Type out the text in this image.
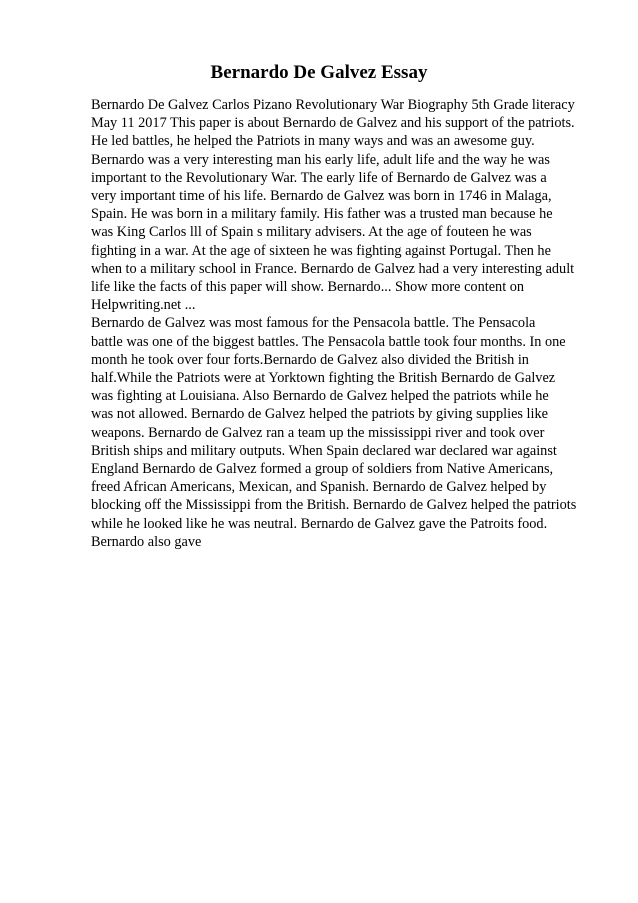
Bernardo De Galvez Essay
Bernardo De Galvez Carlos Pizano Revolutionary War Biography 5th Grade literacy
May 11 2017 This paper is about Bernardo de Galvez and his support of the patriots.
He led battles, he helped the Patriots in many ways and was an awesome guy.
Bernardo was a very interesting man his early life, adult life and the way he was
important to the Revolutionary War. The early life of Bernardo de Galvez was a
very important time of his life. Bernardo de Galvez was born in 1746 in Malaga,
Spain. He was born in a military family. His father was a trusted man because he
was King Carlos lll of Spain s military advisers. At the age of fouteen he was
fighting in a war. At the age of sixteen he was fighting against Portugal. Then he
when to a military school in France. Bernardo de Galvez had a very interesting adult
life like the facts of this paper will show. Bernardo... Show more content on
Helpwriting.net ...
Bernardo de Galvez was most famous for the Pensacola battle. The Pensacola
battle was one of the biggest battles. The Pensacola battle took four months. In one
month he took over four forts.Bernardo de Galvez also divided the British in
half.While the Patriots were at Yorktown fighting the British Bernardo de Galvez
was fighting at Louisiana. Also Bernardo de Galvez helped the patriots while he
was not allowed. Bernardo de Galvez helped the patriots by giving supplies like
weapons. Bernardo de Galvez ran a team up the mississippi river and took over
British ships and military outputs. When Spain declared war declared war against
England Bernardo de Galvez formed a group of soldiers from Native Americans,
freed African Americans, Mexican, and Spanish. Bernardo de Galvez helped by
blocking off the Mississippi from the British. Bernardo de Galvez helped the patriots
while he looked like he was neutral. Bernardo de Galvez gave the Patroits food.
Bernardo also gave
